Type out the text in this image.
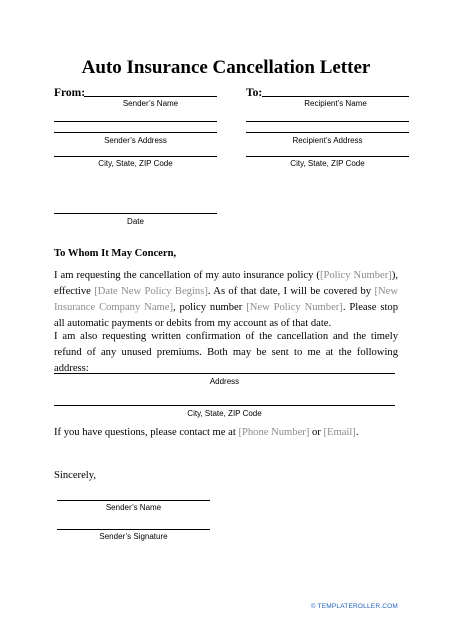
Auto Insurance Cancellation Letter
From:
Sender’s Name
Sender’s Address
City, State, ZIP Code
Date
To:
Recipient’s Name
Recipient’s Address
City, State, ZIP Code
To Whom It May Concern,
I am requesting the cancellation of my auto insurance policy ([Policy Number]), effective [Date New Policy Begins]. As of that date, I will be covered by [New Insurance Company Name], policy number [New Policy Number]. Please stop all automatic payments or debits from my account as of that date.
I am also requesting written confirmation of the cancellation and the timely refund of any unused premiums. Both may be sent to me at the following address:
Address
City, State, ZIP Code
If you have questions, please contact me at [Phone Number] or [Email].
Sincerely,
Sender’s Name
Sender’s Signature
© TEMPLATEROLLER.COM
